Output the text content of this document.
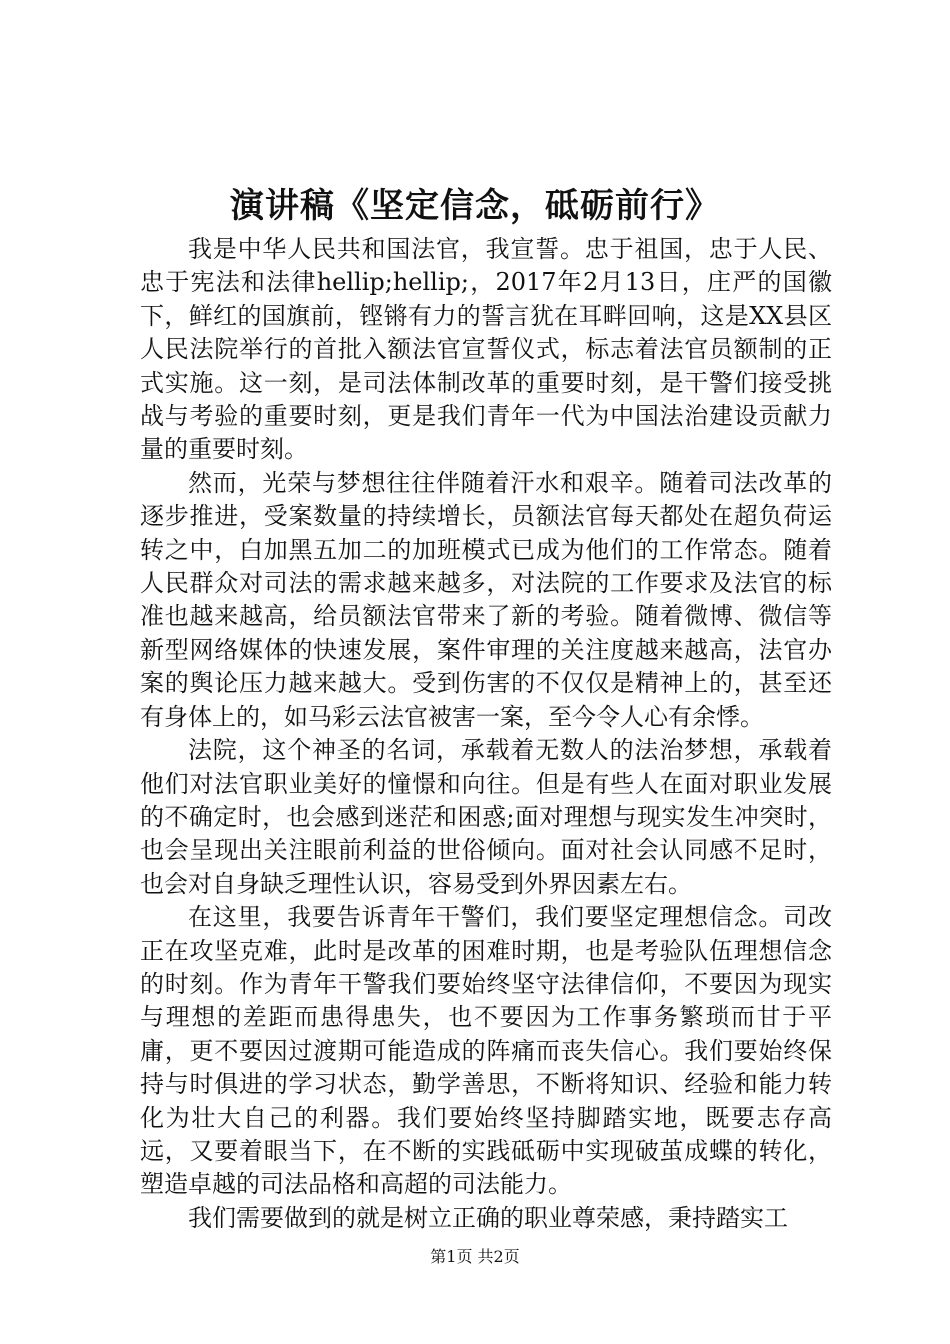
演讲稿《坚定信念，砥砺前行》

我是中华人民共和国法官，我宣誓。忠于祖国，忠于人民、忠于宪法和法律hellip;hellip;，2017年2月13日，庄严的国徽下，鲜红的国旗前，铿锵有力的誓言犹在耳畔回响，这是XX县区人民法院举行的首批入额法官宣誓仪式，标志着法官员额制的正式实施。这一刻，是司法体制改革的重要时刻，是干警们接受挑战与考验的重要时刻，更是我们青年一代为中国法治建设贡献力量的重要时刻。

然而，光荣与梦想往往伴随着汗水和艰辛。随着司法改革的逐步推进，受案数量的持续增长，员额法官每天都处在超负荷运转之中，白加黑五加二的加班模式已成为他们的工作常态。随着人民群众对司法的需求越来越多，对法院的工作要求及法官的标准也越来越高，给员额法官带来了新的考验。随着微博、微信等新型网络媒体的快速发展，案件审理的关注度越来越高，法官办案的舆论压力越来越大。受到伤害的不仅仅是精神上的，甚至还有身体上的，如马彩云法官被害一案，至今令人心有余悸。

法院，这个神圣的名词，承载着无数人的法治梦想，承载着他们对法官职业美好的憧憬和向往。但是有些人在面对职业发展的不确定时，也会感到迷茫和困惑;面对理想与现实发生冲突时，也会呈现出关注眼前利益的世俗倾向。面对社会认同感不足时，也会对自身缺乏理性认识，容易受到外界因素左右。

在这里，我要告诉青年干警们，我们要坚定理想信念。司改正在攻坚克难，此时是改革的困难时期，也是考验队伍理想信念的时刻。作为青年干警我们要始终坚守法律信仰，不要因为现实与理想的差距而患得患失，也不要因为工作事务繁琐而甘于平庸，更不要因过渡期可能造成的阵痛而丧失信心。我们要始终保持与时俱进的学习状态，勤学善思，不断将知识、经验和能力转化为壮大自己的利器。我们要始终坚持脚踏实地，既要志存高远，又要着眼当下，在不断的实践砥砺中实现破茧成蝶的转化，塑造卓越的司法品格和高超的司法能力。

我们需要做到的就是树立正确的职业尊荣感，秉持踏实工

第1页 共2页
